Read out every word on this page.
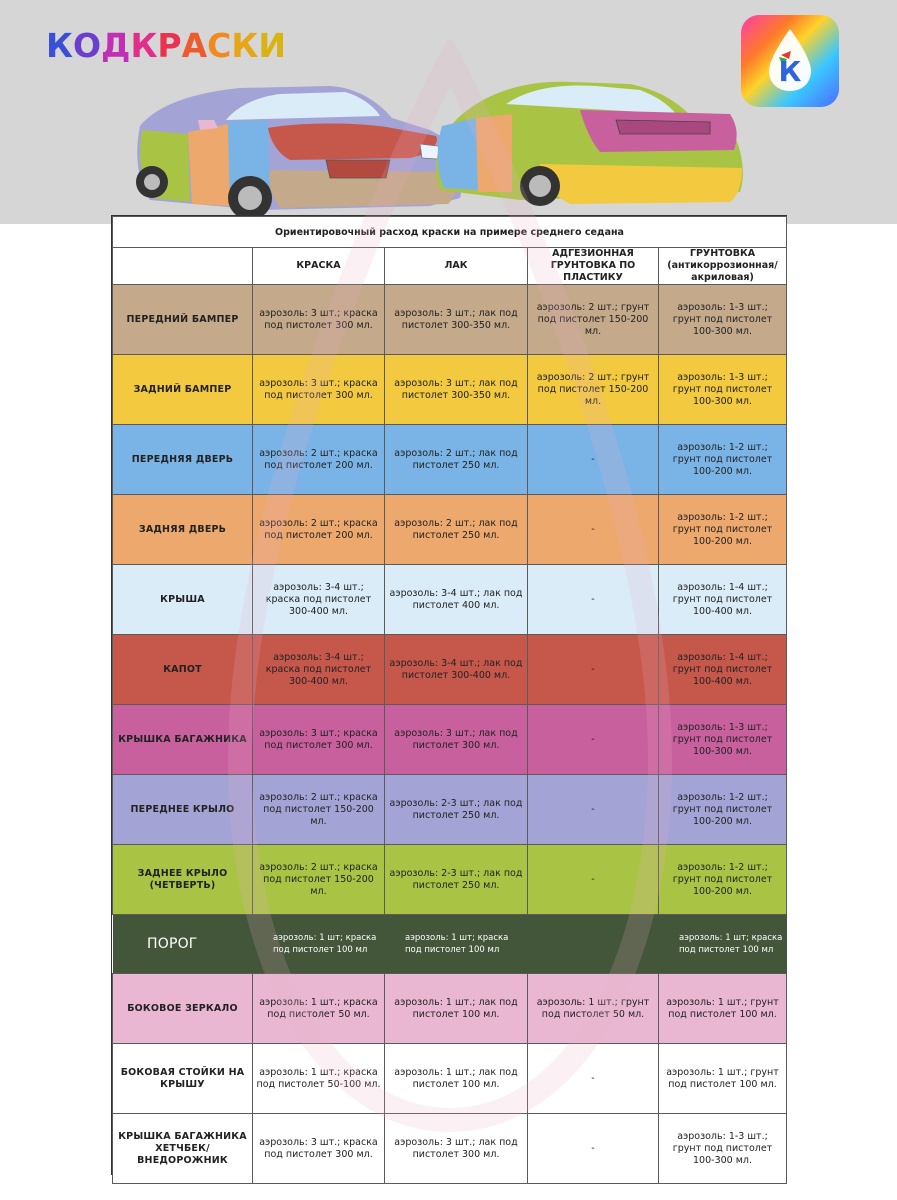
КОДКРАСКИ
К
Ориентировочный расход краски на примере среднего седана				
	КРАСКА	ЛАК	АДГЕЗИОННАЯ ГРУНТОВКА ПО ПЛАСТИКУ	ГРУНТОВКА (антикоррозионная/ акриловая)
ПЕРЕДНИЙ БАМПЕР	аэрозоль: 3 шт.; краска под пистолет 300 мл.	аэрозоль: 3 шт.; лак под пистолет 300-350 мл.	аэрозоль: 2 шт.; грунт под пистолет 150-200 мл.	аэрозоль: 1-3 шт.; грунт под пистолет 100-300 мл.
ЗАДНИЙ БАМПЕР	аэрозоль: 3 шт.; краска под пистолет 300 мл.	аэрозоль: 3 шт.; лак под пистолет 300-350 мл.	аэрозоль: 2 шт.; грунт под пистолет 150-200 мл.	аэрозоль: 1-3 шт.; грунт под пистолет 100-300 мл.
ПЕРЕДНЯЯ ДВЕРЬ	аэрозоль: 2 шт.; краска под пистолет 200 мл.	аэрозоль: 2 шт.; лак под пистолет 250 мл.	-	аэрозоль: 1-2 шт.; грунт под пистолет 100-200 мл.
ЗАДНЯЯ ДВЕРЬ	аэрозоль: 2 шт.; краска под пистолет 200 мл.	аэрозоль: 2 шт.; лак под пистолет 250 мл.	-	аэрозоль: 1-2 шт.; грунт под пистолет 100-200 мл.
КРЫША	аэрозоль: 3-4 шт.; краска под пистолет 300-400 мл.	аэрозоль: 3-4 шт.; лак под пистолет 400 мл.	-	аэрозоль: 1-4 шт.; грунт под пистолет 100-400 мл.
КАПОТ	аэрозоль: 3-4 шт.; краска под пистолет 300-400 мл.	аэрозоль: 3-4 шт.; лак под пистолет 300-400 мл.	-	аэрозоль: 1-4 шт.; грунт под пистолет 100-400 мл.
КРЫШКА БАГАЖНИКА	аэрозоль: 3 шт.; краска под пистолет 300 мл.	аэрозоль: 3 шт.; лак под пистолет 300 мл.	-	аэрозоль: 1-3 шт.; грунт под пистолет 100-300 мл.
ПЕРЕДНЕЕ КРЫЛО	аэрозоль: 2 шт.; краска под пистолет 150-200 мл.	аэрозоль: 2-3 шт.; лак под пистолет 250 мл.	-	аэрозоль: 1-2 шт.; грунт под пистолет 100-200 мл.
ЗАДНЕЕ КРЫЛО (ЧЕТВЕРТЬ)	аэрозоль: 2 шт.; краска под пистолет 150-200 мл.	аэрозоль: 2-3 шт.; лак под пистолет 250 мл.	-	аэрозоль: 1-2 шт.; грунт под пистолет 100-200 мл.
ПОРОГ	аэрозоль: 1 шт; краска под пистолет 100 мл	аэрозоль: 1 шт; краска под пистолет 100 мл		аэрозоль: 1 шт; краска под пистолет 100 мл
БОКОВОЕ ЗЕРКАЛО	аэрозоль: 1 шт.; краска под пистолет 50 мл.	аэрозоль: 1 шт.; лак под пистолет 100 мл.	аэрозоль: 1 шт.; грунт под пистолет 50 мл.	аэрозоль: 1 шт.; грунт под пистолет 100 мл.
БОКОВАЯ СТОЙКИ НА КРЫШУ	аэрозоль: 1 шт.; краска под пистолет 50-100 мл.	аэрозоль: 1 шт.; лак под пистолет 100 мл.	-	аэрозоль: 1 шт.; грунт под пистолет 100 мл.
КРЫШКА БАГАЖНИКА ХЕТЧБЕК/ВНЕДОРОЖНИК	аэрозоль: 3 шт.; краска под пистолет 300 мл.	аэрозоль: 3 шт.; лак под пистолет 300 мл.	-	аэрозоль: 1-3 шт.; грунт под пистолет 100-300 мл.
